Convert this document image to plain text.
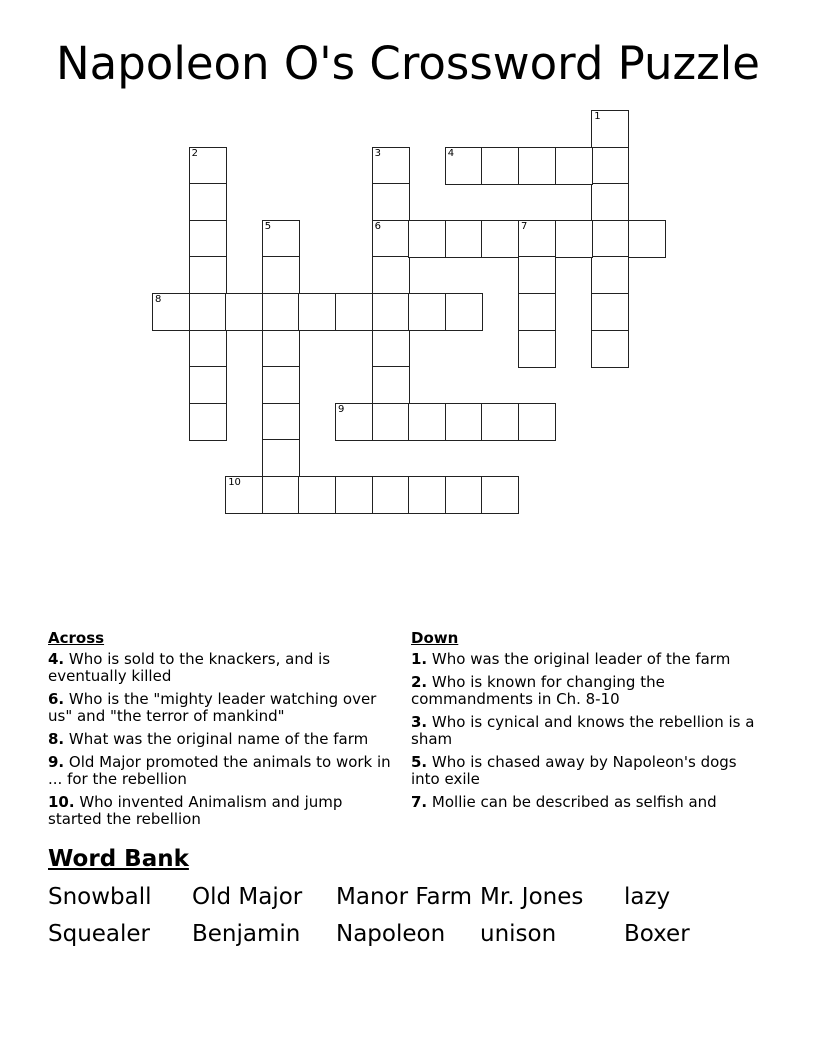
Napoleon O's Crossword Puzzle
1
2	3
6
4
5	7
8
9
10
Across
4. Who is sold to the knackers, and is eventually killed
6. Who is the "mighty leader watching over us" and "the terror of mankind"
8. What was the original name of the farm
9. Old Major promoted the animals to work in ... for the rebellion
10. Who invented Animalism and jump started the rebellion
Down
1. Who was the original leader of the farm
2. Who is known for changing the commandments in Ch. 8-10
3. Who is cynical and knows the rebellion is a sham
5. Who is chased away by Napoleon's dogs into exile
7. Mollie can be described as selfish and
Word Bank
Snowball Old Major Manor Farm Mr. Jones lazy
Squealer Benjamin Napoleon unison	Boxer
